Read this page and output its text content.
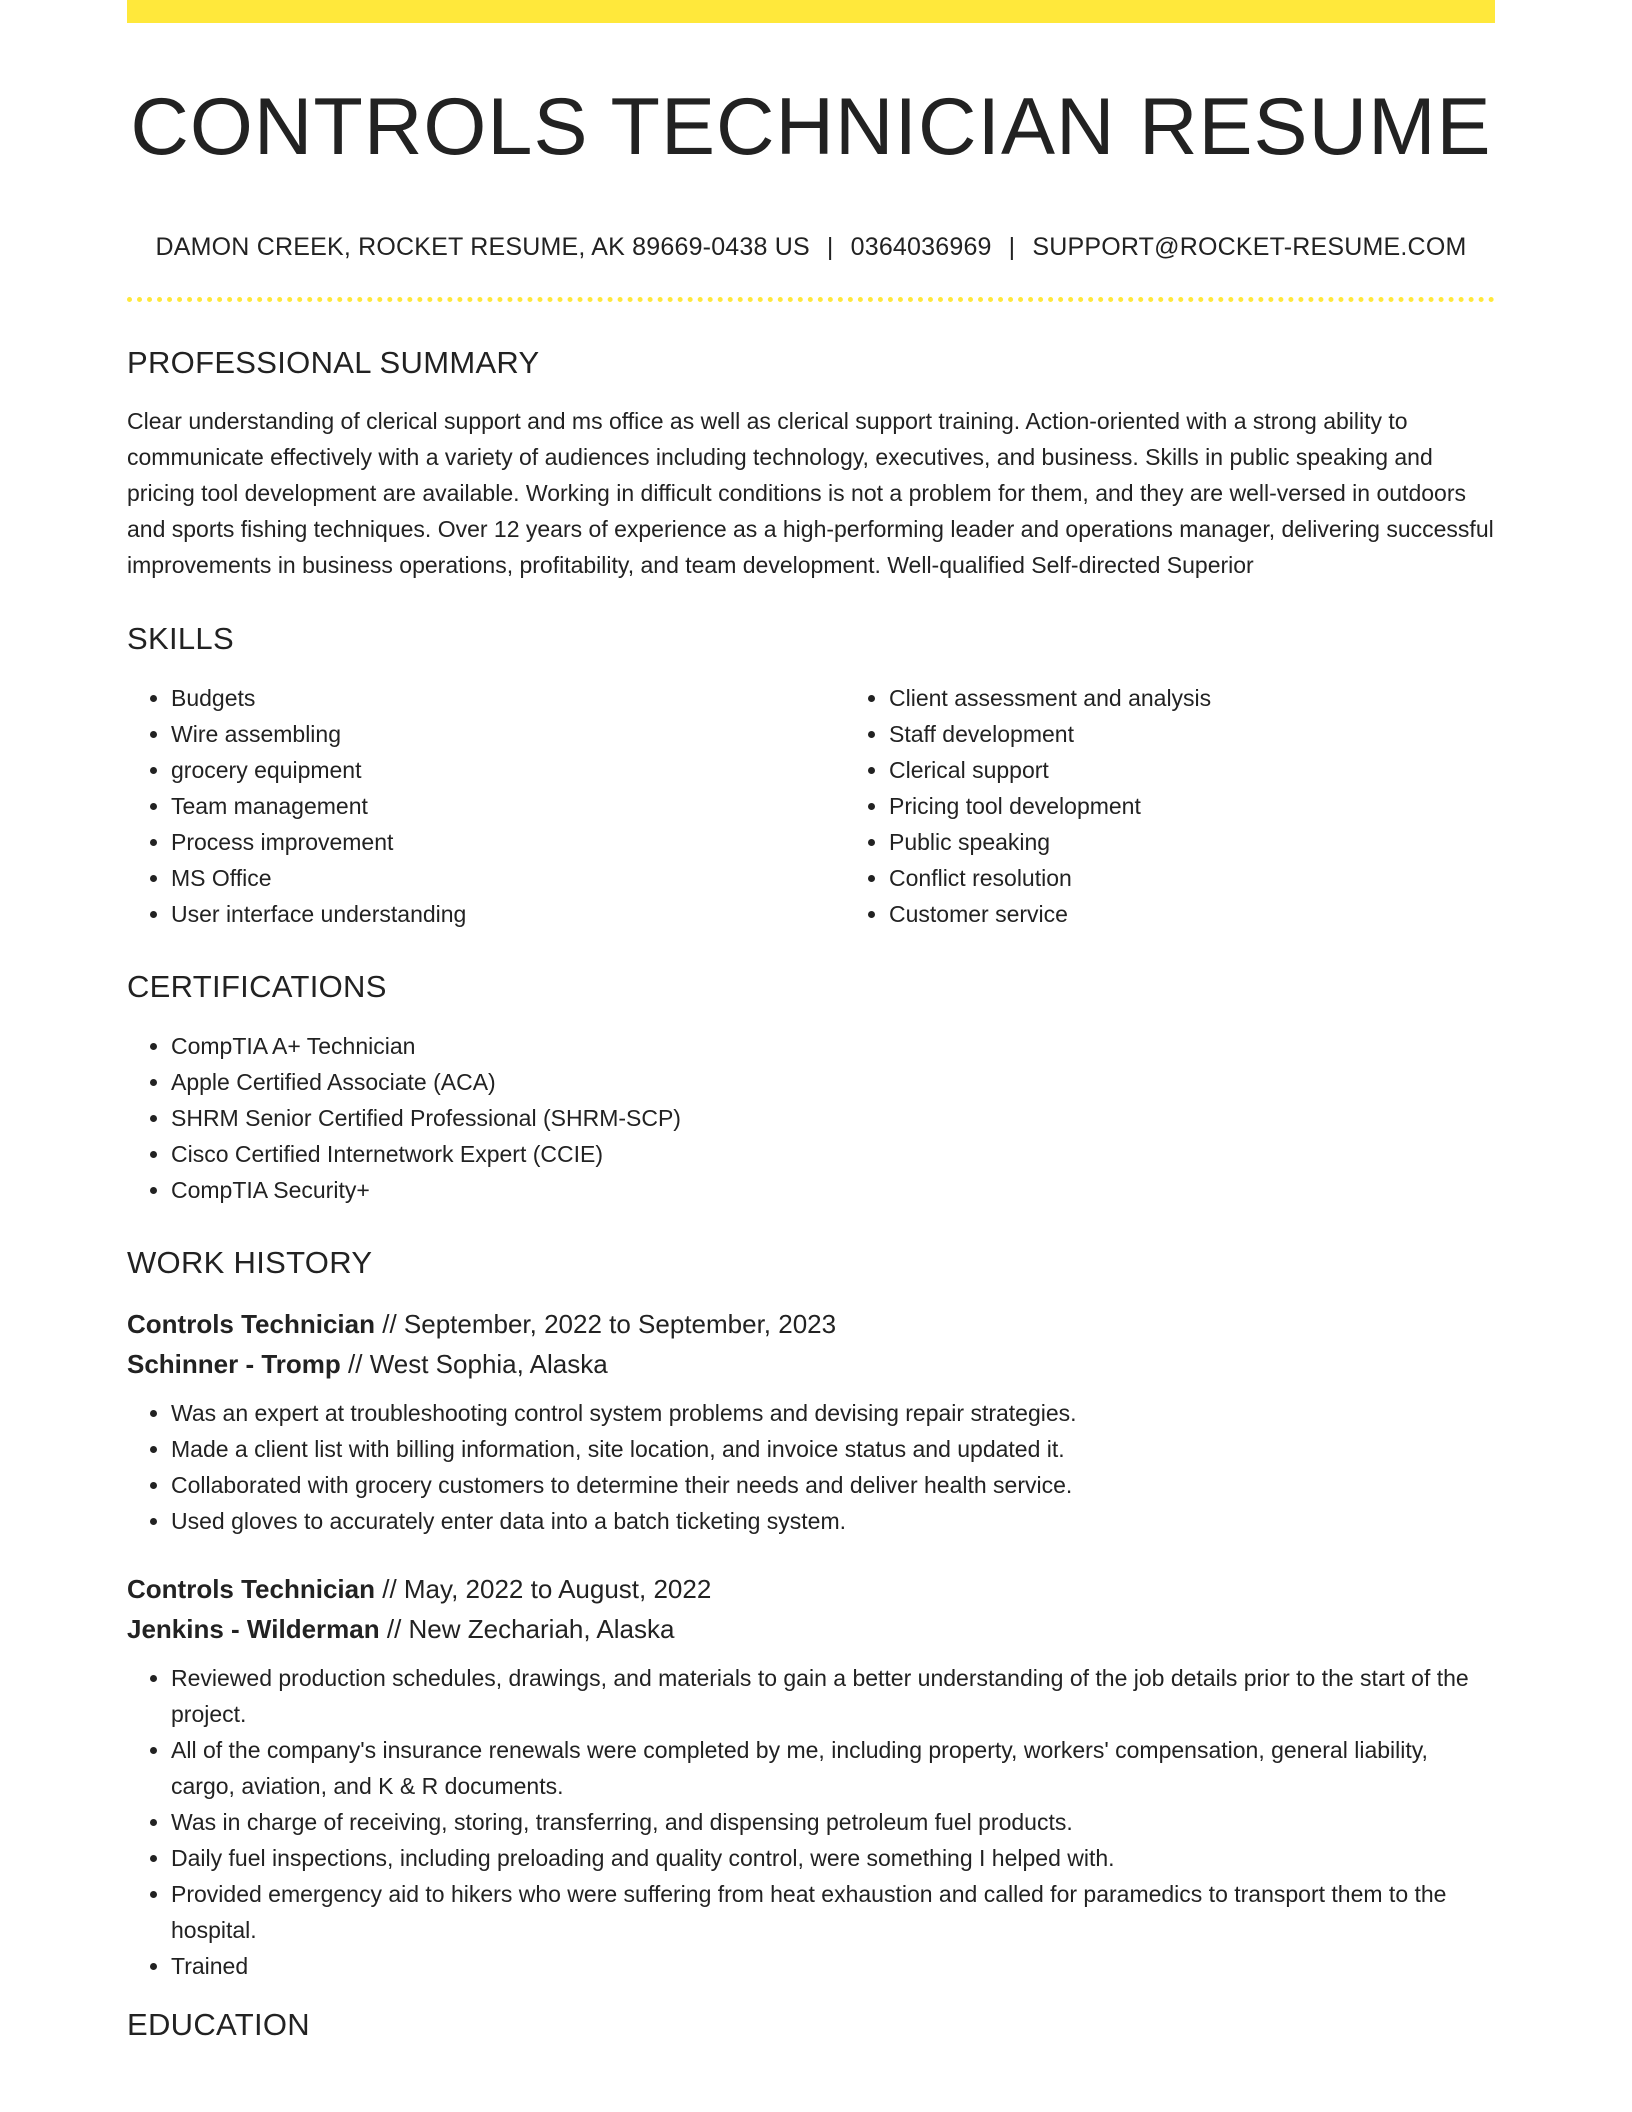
CONTROLS TECHNICIAN RESUME
DAMON CREEK, ROCKET RESUME, AK 89669-0438 US | 0364036969 | SUPPORT@ROCKET-RESUME.COM
PROFESSIONAL SUMMARY

Clear understanding of clerical support and ms office as well as clerical support training. Action-oriented with a strong ability to communicate effectively with a variety of audiences including technology, executives, and business. Skills in public speaking and pricing tool development are available. Working in difficult conditions is not a problem for them, and they are well-versed in outdoors and sports fishing techniques. Over 12 years of experience as a high-performing leader and operations manager, delivering successful improvements in business operations, profitability, and team development. Well-qualified Self-directed Superior

SKILLS
• Budgets
• Wire assembling
• grocery equipment
• Team management
• Process improvement
• MS Office
• User interface understanding
• Client assessment and analysis
• Staff development
• Clerical support
• Pricing tool development
• Public speaking
• Conflict resolution
• Customer service
CERTIFICATIONS
• CompTIA A+ Technician
• Apple Certified Associate (ACA)
• SHRM Senior Certified Professional (SHRM-SCP)
• Cisco Certified Internetwork Expert (CCIE)
• CompTIA Security+
WORK HISTORY
Controls Technician // September, 2022 to September, 2023
Schinner - Tromp // West Sophia, Alaska
• Was an expert at troubleshooting control system problems and devising repair strategies.
• Made a client list with billing information, site location, and invoice status and updated it.
• Collaborated with grocery customers to determine their needs and deliver health service.
• Used gloves to accurately enter data into a batch ticketing system.
Controls Technician // May, 2022 to August, 2022
Jenkins - Wilderman // New Zechariah, Alaska
• Reviewed production schedules, drawings, and materials to gain a better understanding of the job details prior to the start of the project.
• All of the company's insurance renewals were completed by me, including property, workers' compensation, general liability, cargo, aviation, and K & R documents.
• Was in charge of receiving, storing, transferring, and dispensing petroleum fuel products.
• Daily fuel inspections, including preloading and quality control, were something I helped with.
• Provided emergency aid to hikers who were suffering from heat exhaustion and called for paramedics to transport them to the hospital.
• Trained
EDUCATION
